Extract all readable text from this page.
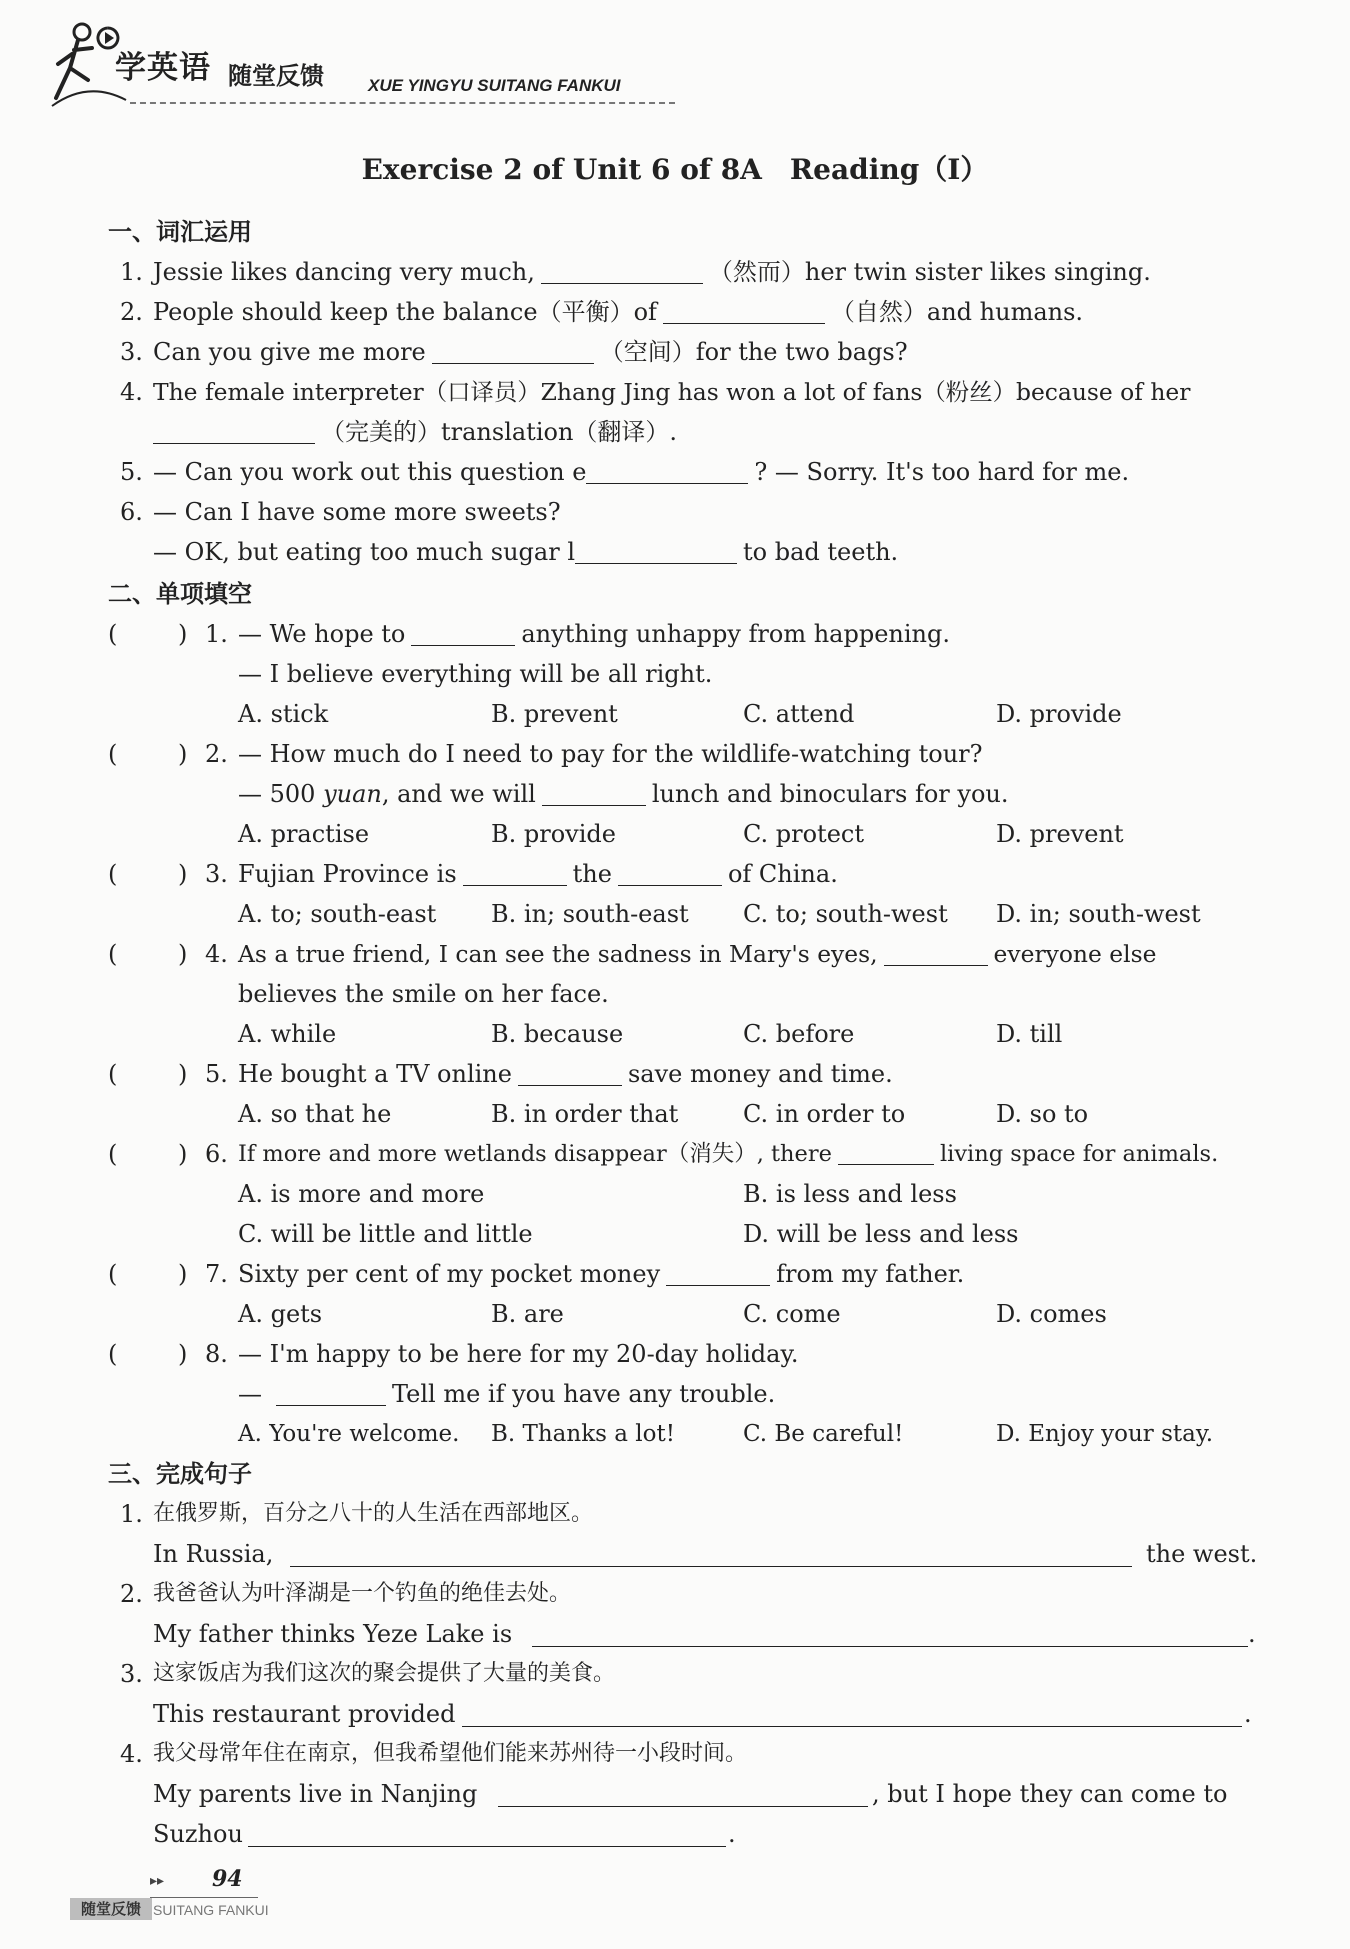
学英语 随堂反馈	XUE YINGYU SUITANG FANKUI
Exercise 2 of Unit 6 of 8A　Reading（Ⅰ）
一、词汇运用
1. Jessie likes dancing very much,	（然而）her twin sister likes singing.
2. People should keep the balance（平衡）of	（自然）and humans.
3. Can you give me more	（空间）for the two bags?
4. The female interpreter（口译员）Zhang Jing has won a lot of fans（粉丝）because of her
（完美的）translation（翻译）.
5. — Can you work out this question e	? — Sorry. It's too hard for me.
6. — Can I have some more sweets?
— OK, but eating too much sugar l	to bad teeth.
二、单项填空
(	) 1. — We hope to	anything unhappy from happening.
— I believe everything will be all right.
A. stick	B. prevent	C. attend	D. provide
(	) 2. — How much do I need to pay for the wildlife-watching tour?
— 500 yuan, and we will	lunch and binoculars for you.
A. practise	B. provide	C. protect	D. prevent
(	) 3. Fujian Province is	the	of China.
A. to; south-east B. in; south-east C. to; south-west D. in; south-west
(	) 4. As a true friend, I can see the sadness in Mary's eyes,	everyone else
believes the smile on her face.
A. while	B. because	C. before	D. till
(	) 5. He bought a TV online	save money and time.
A. so that he	B. in order that	C. in order to	D. so to
(	) 6. If more and more wetlands disappear（消失）, there	living space for animals.
A. is more and more	B. is less and less
C. will be little and little	D. will be less and less
(	) 7. Sixty per cent of my pocket money	from my father.
A. gets	B. are	C. come	D. comes
(	) 8. — I'm happy to be here for my 20-day holiday.
—	Tell me if you have any trouble.
A. You're welcome. B. Thanks a lot!	C. Be careful!	D. Enjoy your stay.
三、完成句子
1. 在俄罗斯，百分之八十的人生活在西部地区。
In Russia,	the west.
2. 我爸爸认为叶泽湖是一个钓鱼的绝佳去处。
My father thinks Yeze Lake is	.
3. 这家饭店为我们这次的聚会提供了大量的美食。
This restaurant provided	.
4. 我父母常年住在南京，但我希望他们能来苏州待一小段时间。
My parents live in Nanjing	, but I hope they can come to
Suzhou	.
▸▸ 94
随堂反馈 SUITANG FANKUI
